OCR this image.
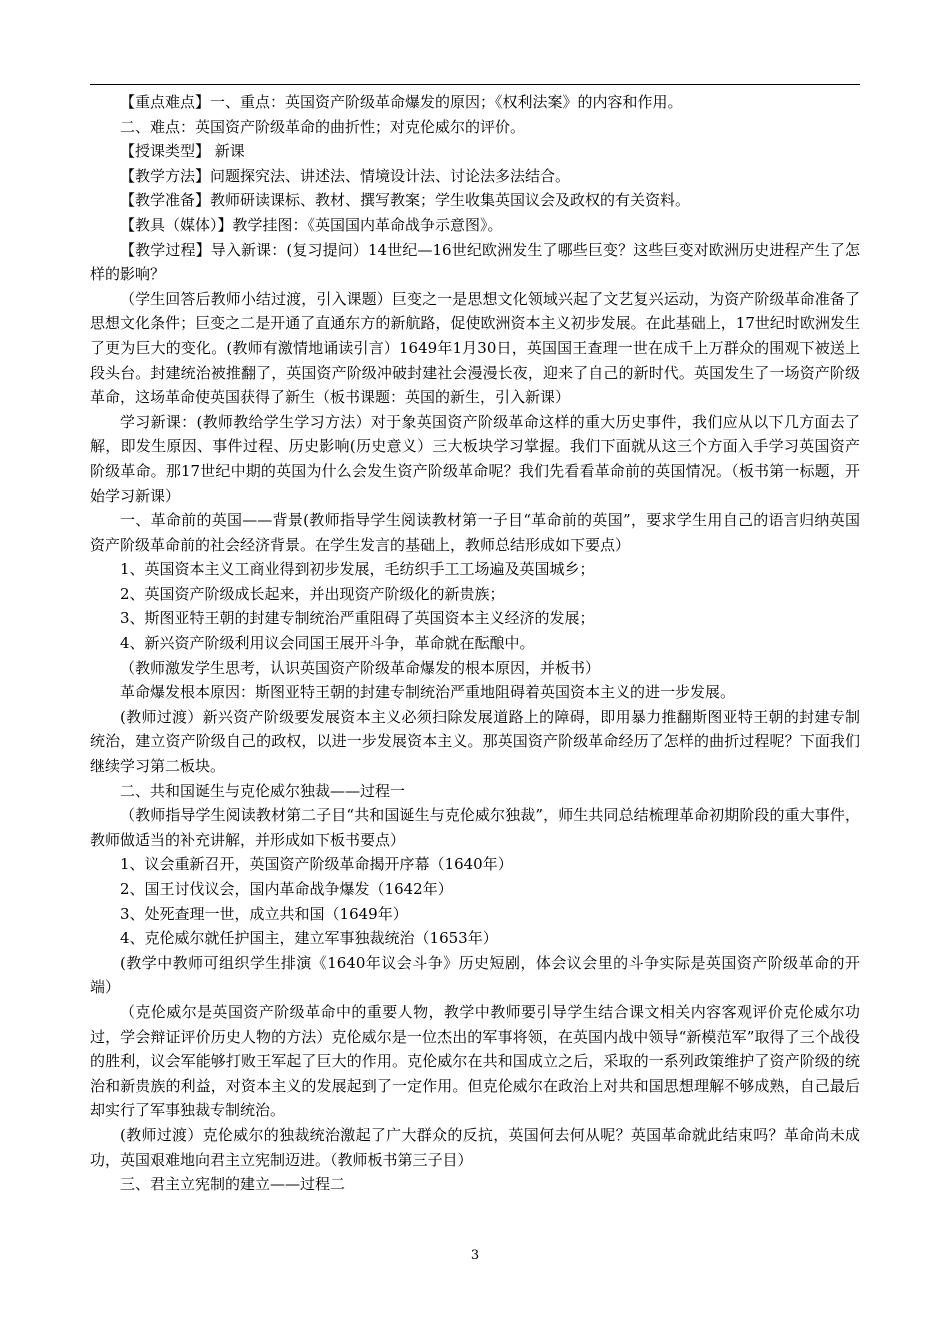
【重点难点】一、重点：英国资产阶级革命爆发的原因；《权利法案》的内容和作用。

二、难点：英国资产阶级革命的曲折性；对克伦威尔的评价。

【授课类型】 新课

【教学方法】问题探究法、讲述法、情境设计法、讨论法多法结合。

【教学准备】教师研读课标、教材、撰写教案；学生收集英国议会及政权的有关资料。

【教具（媒体）】教学挂图：《英国国内革命战争示意图》。

【教学过程】导入新课：(复习提问）14世纪—16世纪欧洲发生了哪些巨变？这些巨变对欧洲历史进程产生了怎样的影响？

（学生回答后教师小结过渡，引入课题）巨变之一是思想文化领域兴起了文艺复兴运动，为资产阶级革命准备了思想文化条件；巨变之二是开通了直通东方的新航路，促使欧洲资本主义初步发展。在此基础上，17世纪时欧洲发生了更为巨大的变化。(教师有激情地诵读引言）1649年1月30日，英国国王查理一世在成千上万群众的围观下被送上段头台。封建统治被推翻了，英国资产阶级冲破封建社会漫漫长夜，迎来了自己的新时代。英国发生了一场资产阶级革命，这场革命使英国获得了新生（板书课题：英国的新生，引入新课）

学习新课：(教师教给学生学习方法）对于象英国资产阶级革命这样的重大历史事件，我们应从以下几方面去了解，即发生原因、事件过程、历史影响(历史意义）三大板块学习掌握。我们下面就从这三个方面入手学习英国资产阶级革命。那17世纪中期的英国为什么会发生资产阶级革命呢？我们先看看革命前的英国情况。（板书第一标题，开始学习新课）

一、革命前的英国——背景(教师指导学生阅读教材第一子目“革命前的英国”，要求学生用自己的语言归纳英国资产阶级革命前的社会经济背景。在学生发言的基础上，教师总结形成如下要点）

1、英国资本主义工商业得到初步发展，毛纺织手工工场遍及英国城乡；

2、英国资产阶级成长起来，并出现资产阶级化的新贵族；

3、斯图亚特王朝的封建专制统治严重阻碍了英国资本主义经济的发展；

4、新兴资产阶级利用议会同国王展开斗争，革命就在酝酿中。

（教师激发学生思考，认识英国资产阶级革命爆发的根本原因，并板书）

革命爆发根本原因：斯图亚特王朝的封建专制统治严重地阻碍着英国资本主义的进一步发展。

(教师过渡）新兴资产阶级要发展资本主义必须扫除发展道路上的障碍，即用暴力推翻斯图亚特王朝的封建专制统治，建立资产阶级自己的政权，以进一步发展资本主义。那英国资产阶级革命经历了怎样的曲折过程呢？下面我们继续学习第二板块。

二、共和国诞生与克伦威尔独裁——过程一

（教师指导学生阅读教材第二子目“共和国诞生与克伦威尔独裁”，师生共同总结梳理革命初期阶段的重大事件，教师做适当的补充讲解，并形成如下板书要点）

1、议会重新召开，英国资产阶级革命揭开序幕（1640年）

2、国王讨伐议会，国内革命战争爆发（1642年）

3、处死查理一世，成立共和国（1649年）

4、克伦威尔就任护国主，建立军事独裁统治（1653年）

(教学中教师可组织学生排演《1640年议会斗争》历史短剧，体会议会里的斗争实际是英国资产阶级革命的开端）

（克伦威尔是英国资产阶级革命中的重要人物，教学中教师要引导学生结合课文相关内容客观评价克伦威尔功过，学会辩证评价历史人物的方法）克伦威尔是一位杰出的军事将领，在英国内战中领导“新模范军”取得了三个战役的胜利，议会军能够打败王军起了巨大的作用。克伦威尔在共和国成立之后，采取的一系列政策维护了资产阶级的统治和新贵族的利益，对资本主义的发展起到了一定作用。但克伦威尔在政治上对共和国思想理解不够成熟，自己最后却实行了军事独裁专制统治。

(教师过渡）克伦威尔的独裁统治激起了广大群众的反抗，英国何去何从呢？英国革命就此结束吗？革命尚未成功，英国艰难地向君主立宪制迈进。（教师板书第三子目）

三、君主立宪制的建立——过程二

3
